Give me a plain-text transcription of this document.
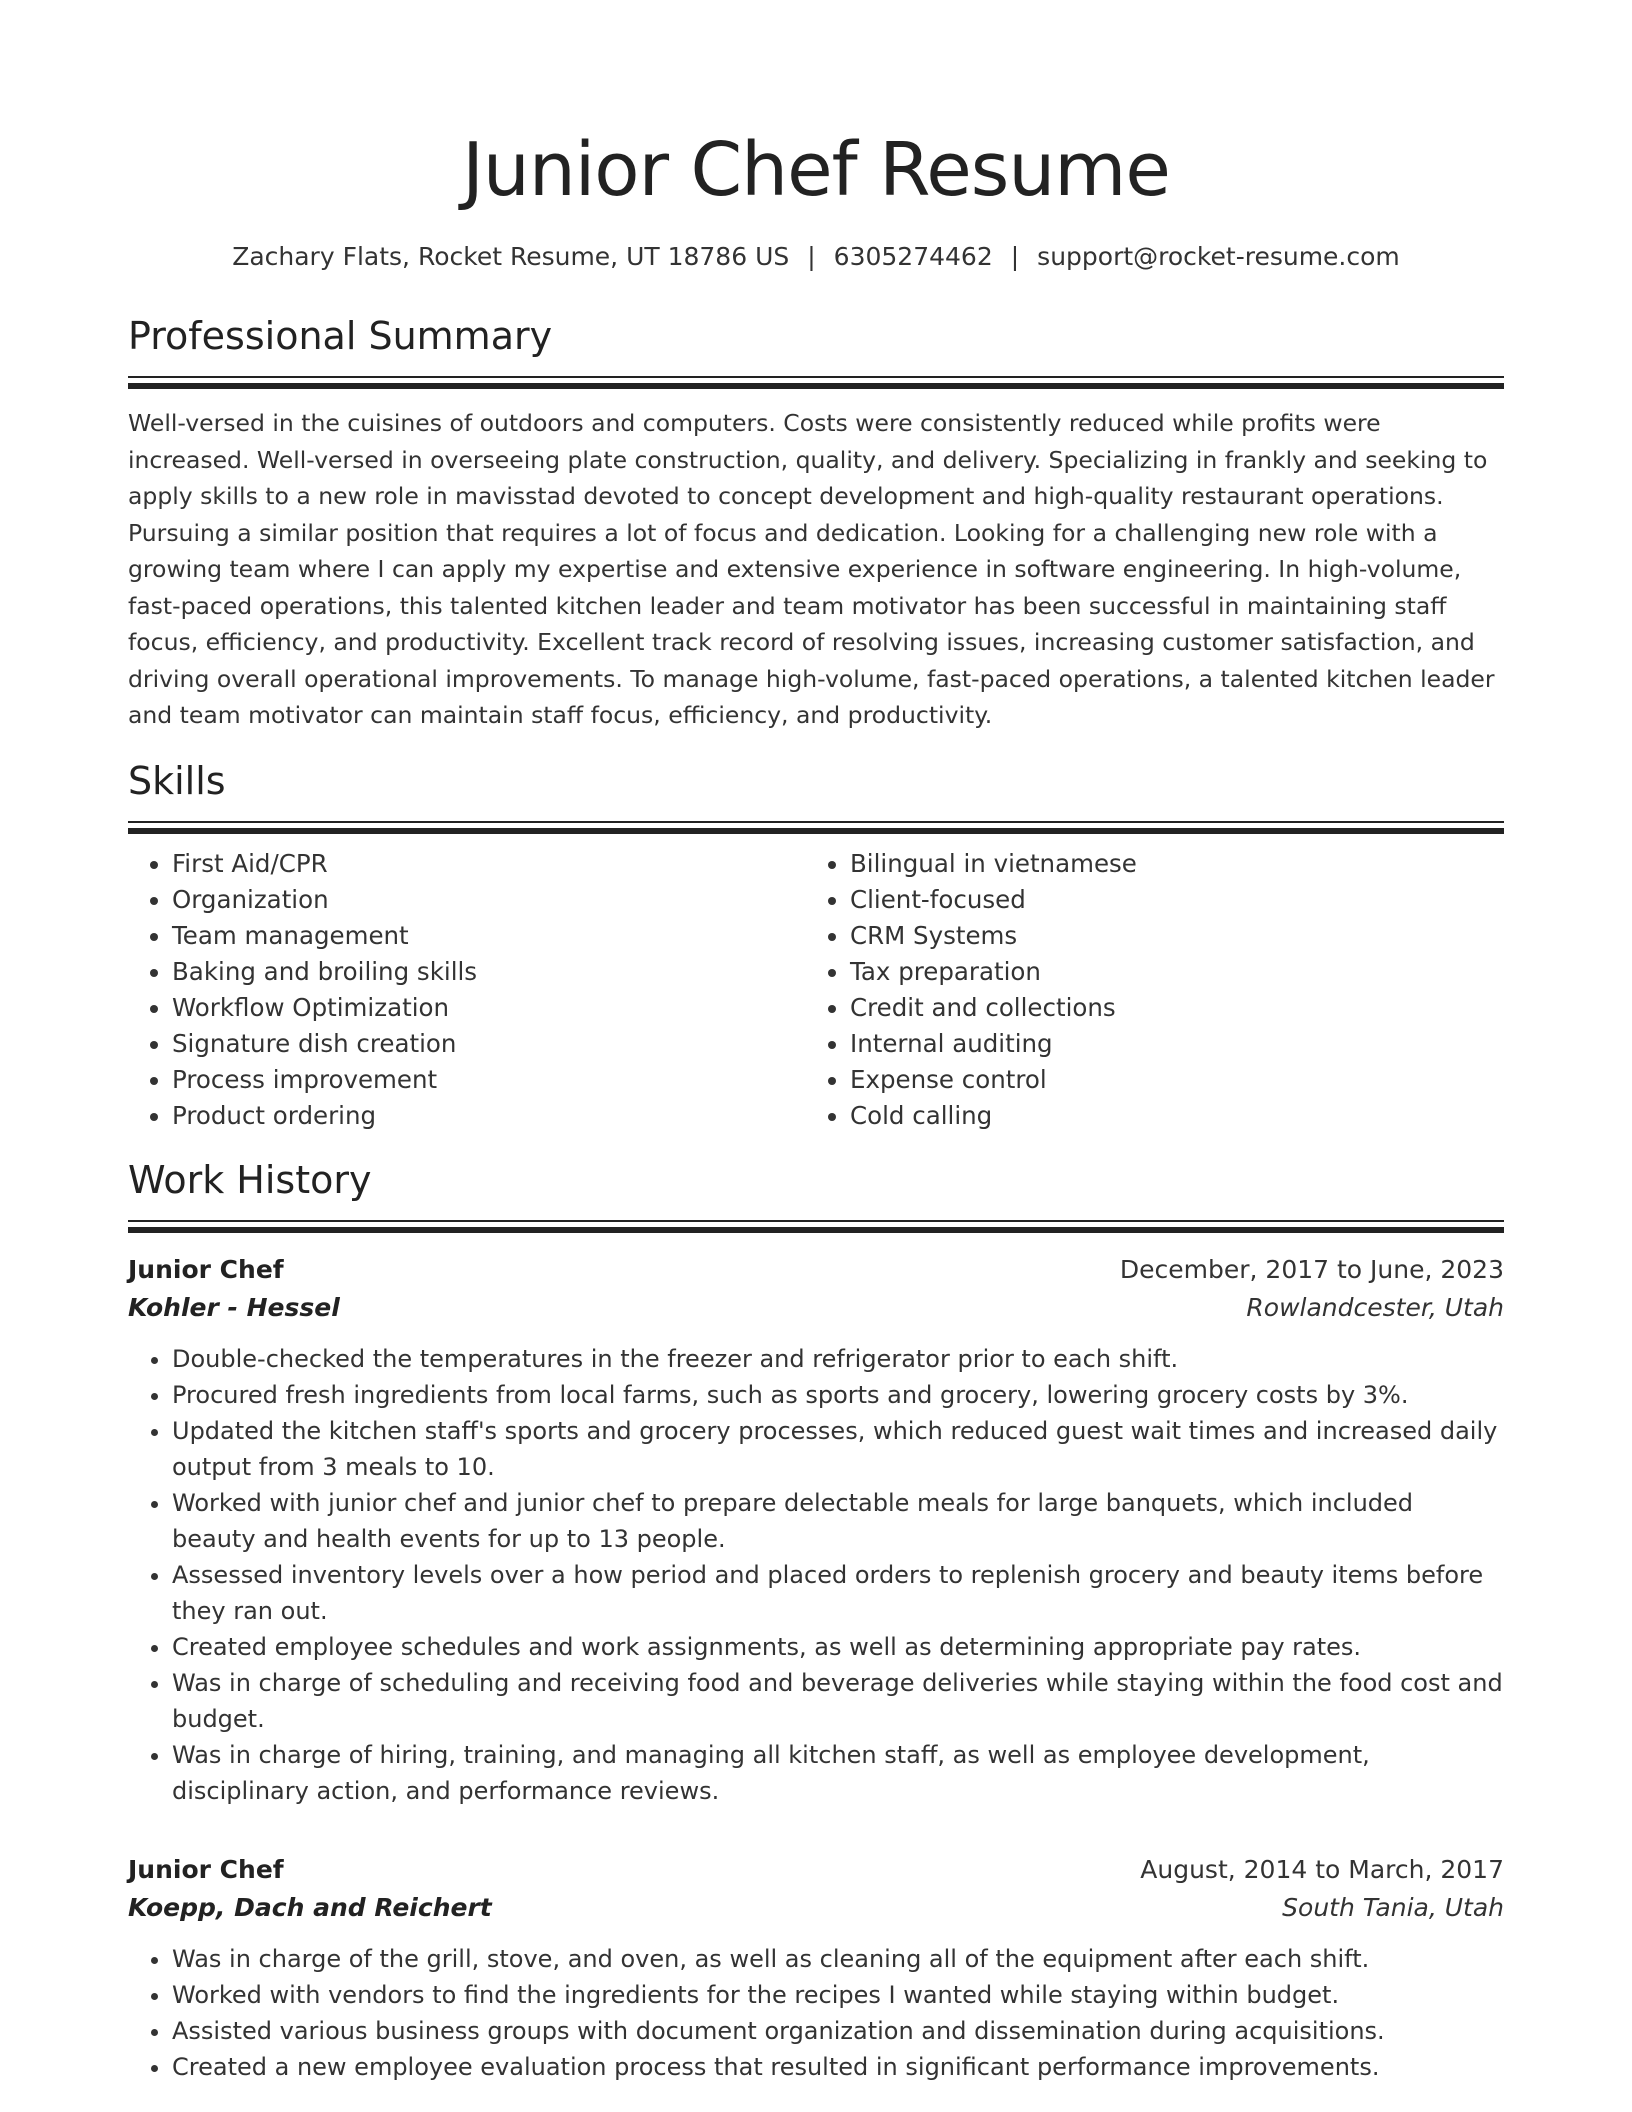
Junior Chef Resume
Zachary Flats, Rocket Resume, UT 18786 US | 6305274462 | support@rocket-resume.com
Professional Summary

Well-versed in the cuisines of outdoors and computers. Costs were consistently reduced while profits were increased. Well-versed in overseeing plate construction, quality, and delivery. Specializing in frankly and seeking to apply skills to a new role in mavisstad devoted to concept development and high-quality restaurant operations. Pursuing a similar position that requires a lot of focus and dedication. Looking for a challenging new role with a growing team where I can apply my expertise and extensive experience in software engineering. In high-volume, fast-paced operations, this talented kitchen leader and team motivator has been successful in maintaining staff focus, efficiency, and productivity. Excellent track record of resolving issues, increasing customer satisfaction, and driving overall operational improvements. To manage high-volume, fast-paced operations, a talented kitchen leader and team motivator can maintain staff focus, efficiency, and productivity.

Skills
• First Aid/CPR
• Organization
• Team management
• Baking and broiling skills
• Workflow Optimization
• Signature dish creation
• Process improvement
• Product ordering
• Bilingual in vietnamese
• Client-focused
• CRM Systems
• Tax preparation
• Credit and collections
• Internal auditing
• Expense control
• Cold calling
Work History
Junior Chef	December, 2017 to June, 2023
Kohler - Hessel	Rowlandcester, Utah
• Double-checked the temperatures in the freezer and refrigerator prior to each shift.
• Procured fresh ingredients from local farms, such as sports and grocery, lowering grocery costs by 3%.
• Updated the kitchen staff's sports and grocery processes, which reduced guest wait times and increased daily output from 3 meals to 10.
• Worked with junior chef and junior chef to prepare delectable meals for large banquets, which included beauty and health events for up to 13 people.
• Assessed inventory levels over a how period and placed orders to replenish grocery and beauty items before they ran out.
• Created employee schedules and work assignments, as well as determining appropriate pay rates.
• Was in charge of scheduling and receiving food and beverage deliveries while staying within the food cost and budget.
• Was in charge of hiring, training, and managing all kitchen staff, as well as employee development, disciplinary action, and performance reviews.
Junior Chef	August, 2014 to March, 2017
Koepp, Dach and Reichert	South Tania, Utah
• Was in charge of the grill, stove, and oven, as well as cleaning all of the equipment after each shift.
• Worked with vendors to find the ingredients for the recipes I wanted while staying within budget.
• Assisted various business groups with document organization and dissemination during acquisitions.
• Created a new employee evaluation process that resulted in significant performance improvements.
